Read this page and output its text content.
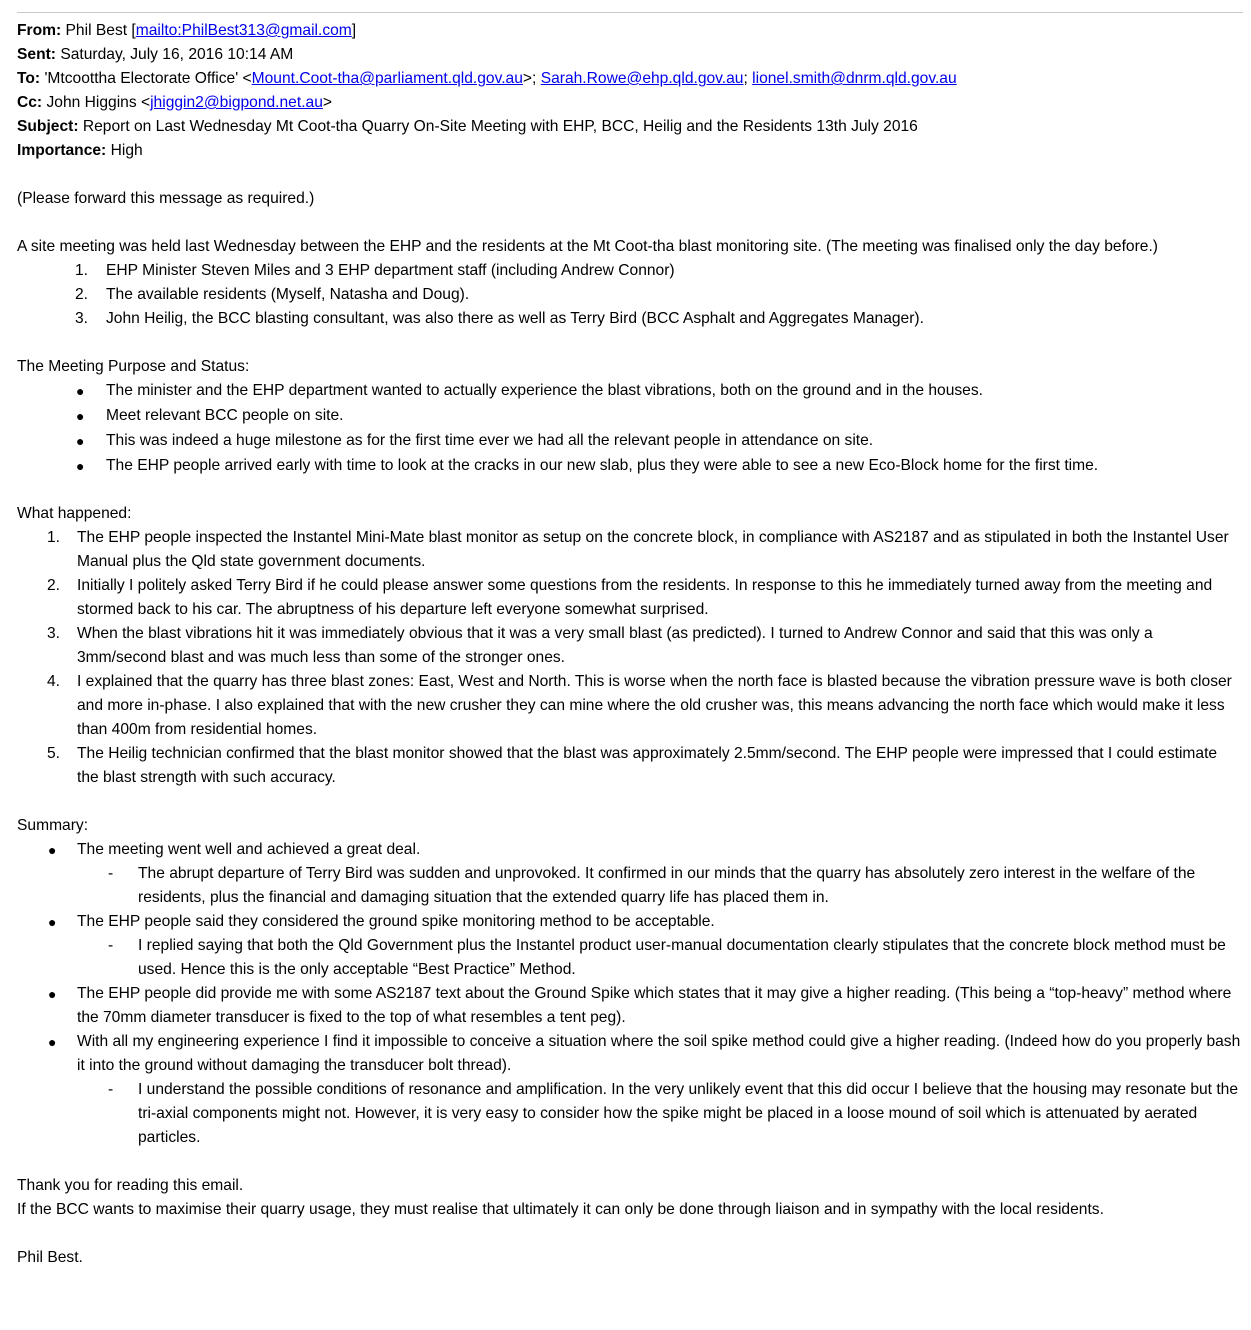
From: Phil Best [mailto:PhilBest313@gmail.com]
Sent: Saturday, July 16, 2016 10:14 AM
To: 'Mtcoottha Electorate Office' <Mount.Coot-tha@parliament.qld.gov.au>; Sarah.Rowe@ehp.qld.gov.au; lionel.smith@dnrm.qld.gov.au
Cc: John Higgins <jhiggin2@bigpond.net.au>
Subject: Report on Last Wednesday Mt Coot-tha Quarry On-Site Meeting with EHP, BCC, Heilig and the Residents 13th July 2016
Importance: High

(Please forward this message as required.)

A site meeting was held last Wednesday between the EHP and the residents at the Mt Coot-tha blast monitoring site. (The meeting was finalised only the day before.)

1. EHP Minister Steven Miles and 3 EHP department staff (including Andrew Connor)
2. The available residents (Myself, Natasha and Doug).
3. John Heilig, the BCC blasting consultant, was also there as well as Terry Bird (BCC Asphalt and Aggregates Manager).

The Meeting Purpose and Status:

● The minister and the EHP department wanted to actually experience the blast vibrations, both on the ground and in the houses.
● Meet relevant BCC people on site.
● This was indeed a huge milestone as for the first time ever we had all the relevant people in attendance on site.
● The EHP people arrived early with time to look at the cracks in our new slab, plus they were able to see a new Eco-Block home for the first time.

What happened:

1. The EHP people inspected the Instantel Mini-Mate blast monitor as setup on the concrete block, in compliance with AS2187 and as stipulated in both the Instantel User Manual plus the Qld state government documents.
2. Initially I politely asked Terry Bird if he could please answer some questions from the residents. In response to this he immediately turned away from the meeting and stormed back to his car. The abruptness of his departure left everyone somewhat surprised.
3. When the blast vibrations hit it was immediately obvious that it was a very small blast (as predicted). I turned to Andrew Connor and said that this was only a 3mm/second blast and was much less than some of the stronger ones.
4. I explained that the quarry has three blast zones: East, West and North. This is worse when the north face is blasted because the vibration pressure wave is both closer and more in-phase. I also explained that with the new crusher they can mine where the old crusher was, this means advancing the north face which would make it less than 400m from residential homes.
5. The Heilig technician confirmed that the blast monitor showed that the blast was approximately 2.5mm/second. The EHP people were impressed that I could estimate the blast strength with such accuracy.

Summary:

● The meeting went well and achieved a great deal.
- The abrupt departure of Terry Bird was sudden and unprovoked. It confirmed in our minds that the quarry has absolutely zero interest in the welfare of the residents, plus the financial and damaging situation that the extended quarry life has placed them in.
● The EHP people said they considered the ground spike monitoring method to be acceptable.
- I replied saying that both the Qld Government plus the Instantel product user-manual documentation clearly stipulates that the concrete block method must be used. Hence this is the only acceptable “Best Practice” Method.
● The EHP people did provide me with some AS2187 text about the Ground Spike which states that it may give a higher reading. (This being a “top-heavy” method where the 70mm diameter transducer is fixed to the top of what resembles a tent peg).
● With all my engineering experience I find it impossible to conceive a situation where the soil spike method could give a higher reading. (Indeed how do you properly bash it into the ground without damaging the transducer bolt thread).
- I understand the possible conditions of resonance and amplification. In the very unlikely event that this did occur I believe that the housing may resonate but the tri-axial components might not. However, it is very easy to consider how the spike might be placed in a loose mound of soil which is attenuated by aerated particles.

Thank you for reading this email.

If the BCC wants to maximise their quarry usage, they must realise that ultimately it can only be done through liaison and in sympathy with the local residents.

Phil Best.
